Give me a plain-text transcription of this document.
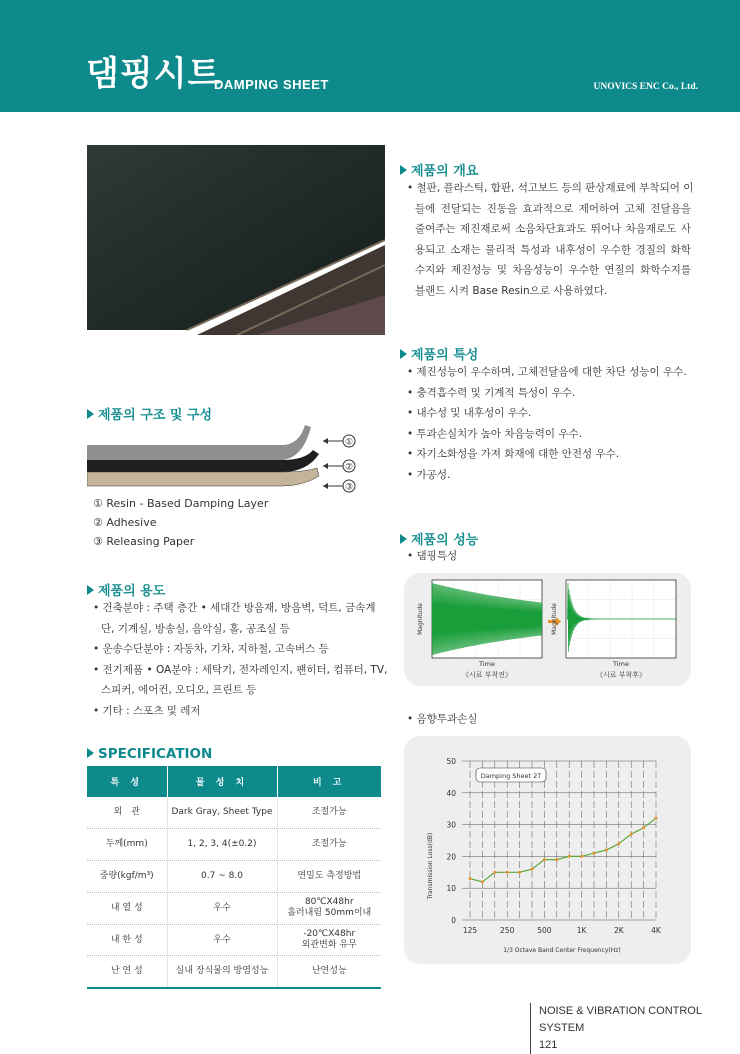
댐핑시트
DAMPING SHEET	UNOVICS ENC Co., Ltd.
제품의 개요
• 철판, 플라스틱, 합판, 석고보드 등의 판상재료에 부착되어 이
들에 전달되는 진동을 효과적으로 제어하여 고체 전달음을
줄여주는 제진재로써 소음차단효과도 뛰어나 차음재로도 사
용되고 소재는 물리적 특성과 내후성이 우수한 경질의 화학
수지와 제진성능 및 차음성능이 우수한 연질의 화학수지를
블랜드 시켜 Base Resin으로 사용하였다.
제품의 특성
• 제진성능이 우수하며, 고체전달음에 대한 차단 성능이 우수.
• 충격흡수력 및 기계적 특성이 우수.
• 내수성 및 내후성이 우수.
• 투과손실치가 높아 차음능력이 우수.
• 자기소화성을 가져 화재에 대한 안전성 우수.
• 가공성.
제품의 구조 및 구성
①
②
③
① Resin - Based Damping Layer
② Adhesive
③ Releasing Paper
제품의 용도
• 건축분야 : 주택 층간 • 세대간 방음재, 방음벽, 덕트, 금속계
단, 기계실, 방송실, 음악실, 홀, 공조실 등
• 운송수단분야 : 자동차, 기차, 지하철, 고속버스 등
• 전기제품 • OA분야 : 세탁기, 전자레인지, 팬히터, 컴퓨터, TV,
스피커, 에어컨, 오디오, 프린트 등
• 기타 : 스포츠 및 레저
SPECIFICATION
특 성	물 성 치	비 고
외　관	Dark Gray, Sheet Type	조절가능
두께(mm)	1, 2, 3, 4(±0.2)	조절가능
중량(kgf/m³)	0.7 ~ 8.0	면밀도 측정방법
내 열 성	우수	80℃X48hr
흘러내림 50mm이내
내 한 성	우수	-20℃X48hr
외관변화 유무
난 연 성	실내 장식물의 방염성능	난연성능
제품의 성능
• 댐핑특성
Magnitude	Magnitude
Time	Time
《시료 부착전》	《시료 부착후》
• 음향투과손실
0
10
20
30
40
50
125	250	500	1K	2K	4K
Damping Sheet 2T
Transmission Loss(dB)
1/3 Octave Band Center Frequency(Hz)
NOISE & VIBRATION CONTROL SYSTEM
121
